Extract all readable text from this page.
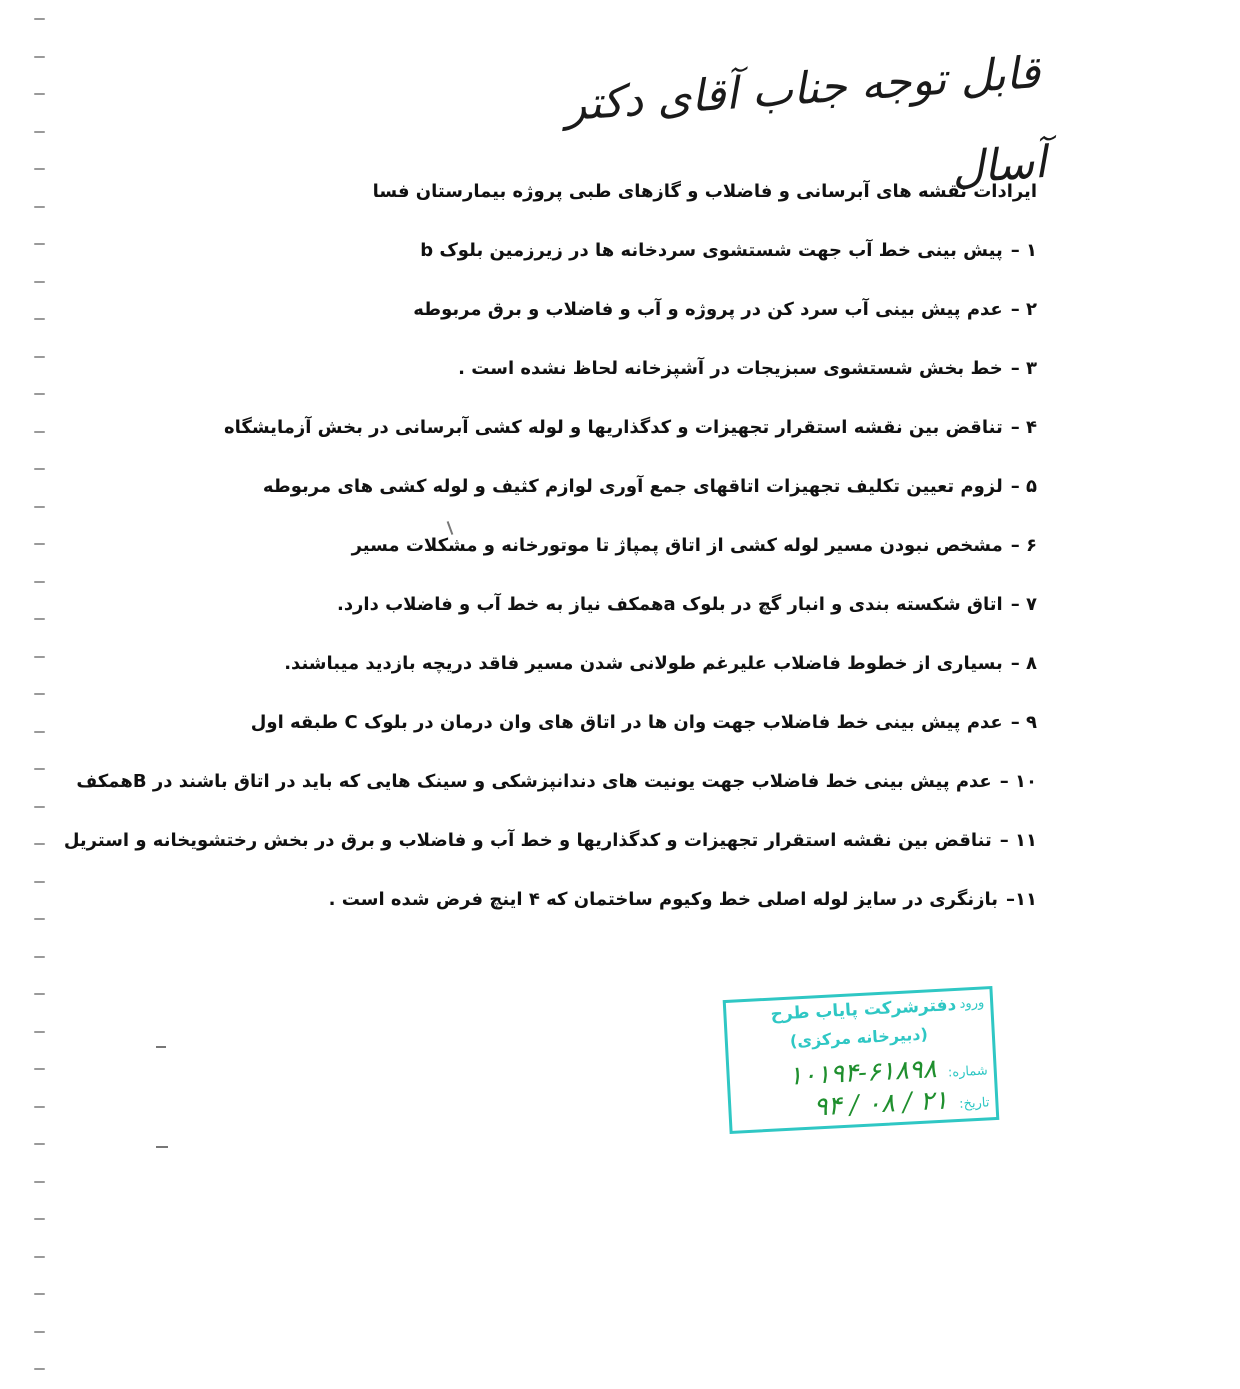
قابل توجه جناب آقای دکتر آسال
ایرادات نقشه های آبرسانی و فاضلاب و گازهای طبی پروژه بیمارستان فسا
۱ –پیش بینی خط آب جهت شستشوی سردخانه ها در زیرزمین بلوک b
۲ –عدم پیش بینی آب سرد کن در پروژه و آب و فاضلاب و برق مربوطه
۳ –خط بخش شستشوی سبزیجات در آشپزخانه لحاظ نشده است .
۴ –تناقض بین نقشه استقرار تجهیزات و کدگذاریها و لوله کشی آبرسانی در بخش آزمایشگاه
۵ –لزوم تعیین تکلیف تجهیزات اتاقهای جمع آوری لوازم کثیف و لوله کشی های مربوطه
۶ –مشخص نبودن مسیر لوله کشی از اتاق پمپاژ تا موتورخانه و مشکلات مسیر
۷ –اتاق شکسته بندی و انبار گچ در بلوک aهمکف نیاز به خط آب و فاضلاب دارد.
۸ –بسیاری از خطوط فاضلاب علیرغم طولانی شدن مسیر فاقد دریچه بازدید میباشند.
۹ –عدم پیش بینی خط فاضلاب جهت وان ها در اتاق های وان درمان در بلوک C طبقه اول
۱۰ –عدم پیش بینی خط فاضلاب جهت یونیت های دندانپزشکی و سینک هایی که باید در اتاق باشند در Bهمکف
۱۱ –تناقض بین نقشه استقرار تجهیزات و کدگذاریها و خط آب و فاضلاب و برق در بخش رختشویخانه و استریل
۱۱–بازنگری در سایز لوله اصلی خط وکیوم ساختمان که ۴ اینچ فرض شده است .
ورود
دفترشرکت پایاب طرح
(دبیرخانه مرکزی)
شماره: ۱۰۱۹۴-۶۱۸۹۸
تاریخ: ۹۴ / ۰۸ / ۲۱
